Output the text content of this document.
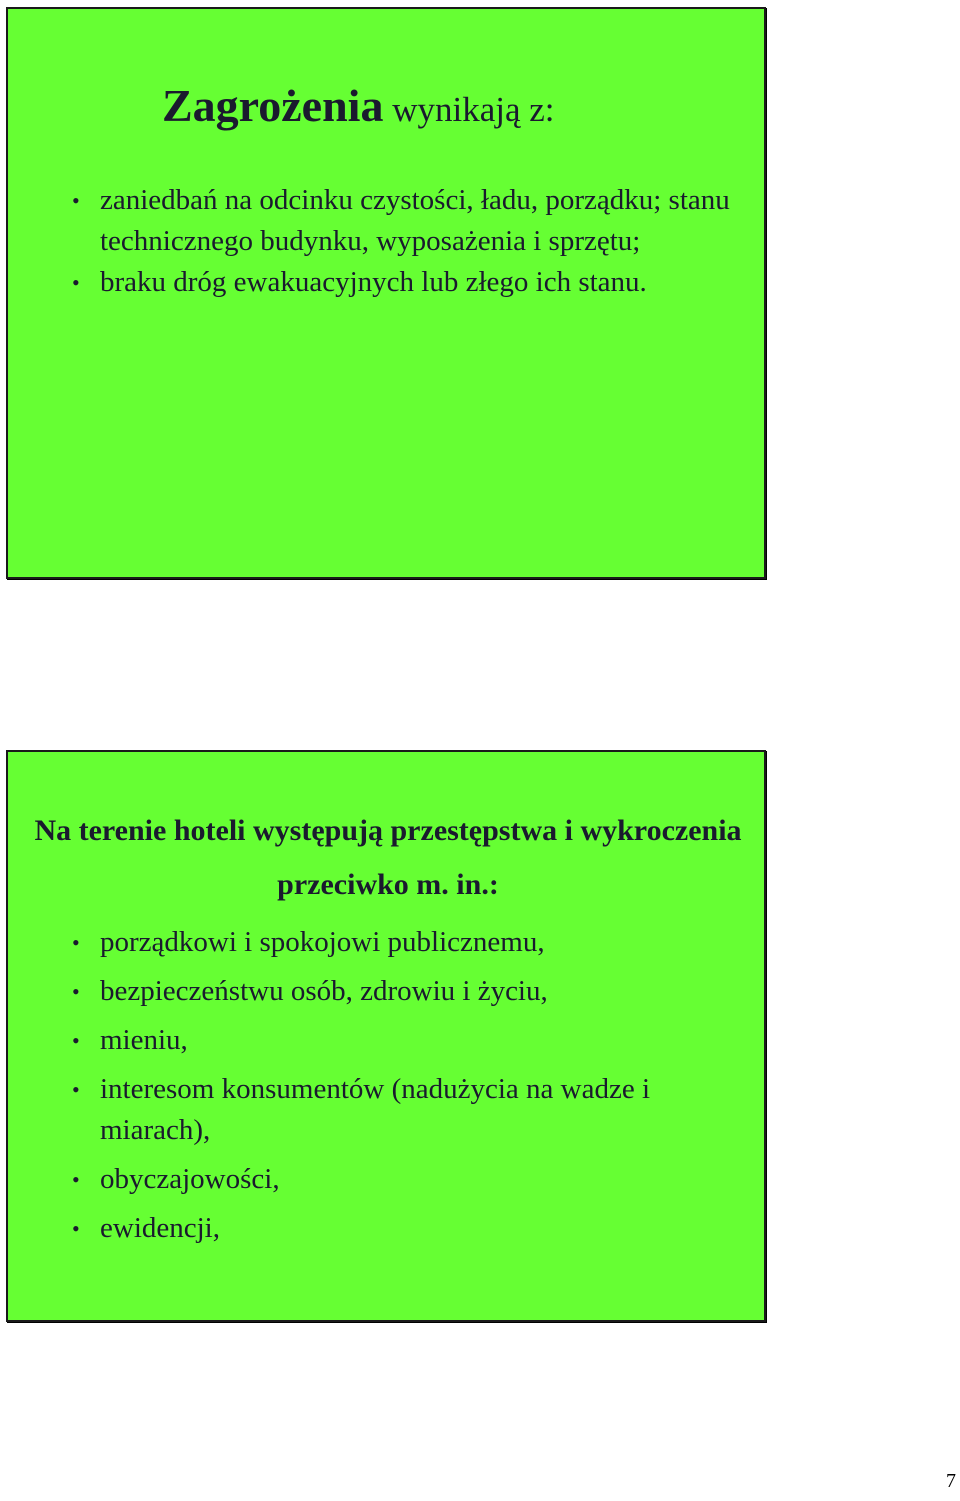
Zagrożenia wynikają z:
• zaniedbań na odcinku czystości, ładu, porządku; stanu technicznego budynku, wyposażenia i sprzętu;
• braku dróg ewakuacyjnych lub złego ich stanu.
Na terenie hoteli występują przestępstwa i wykroczenia przeciwko m. in.:
• porządkowi i spokojowi publicznemu,
• bezpieczeństwu osób, zdrowiu i życiu,
• mieniu,
• interesom konsumentów (nadużycia na wadze i miarach),
• obyczajowości,
• ewidencji,
7
